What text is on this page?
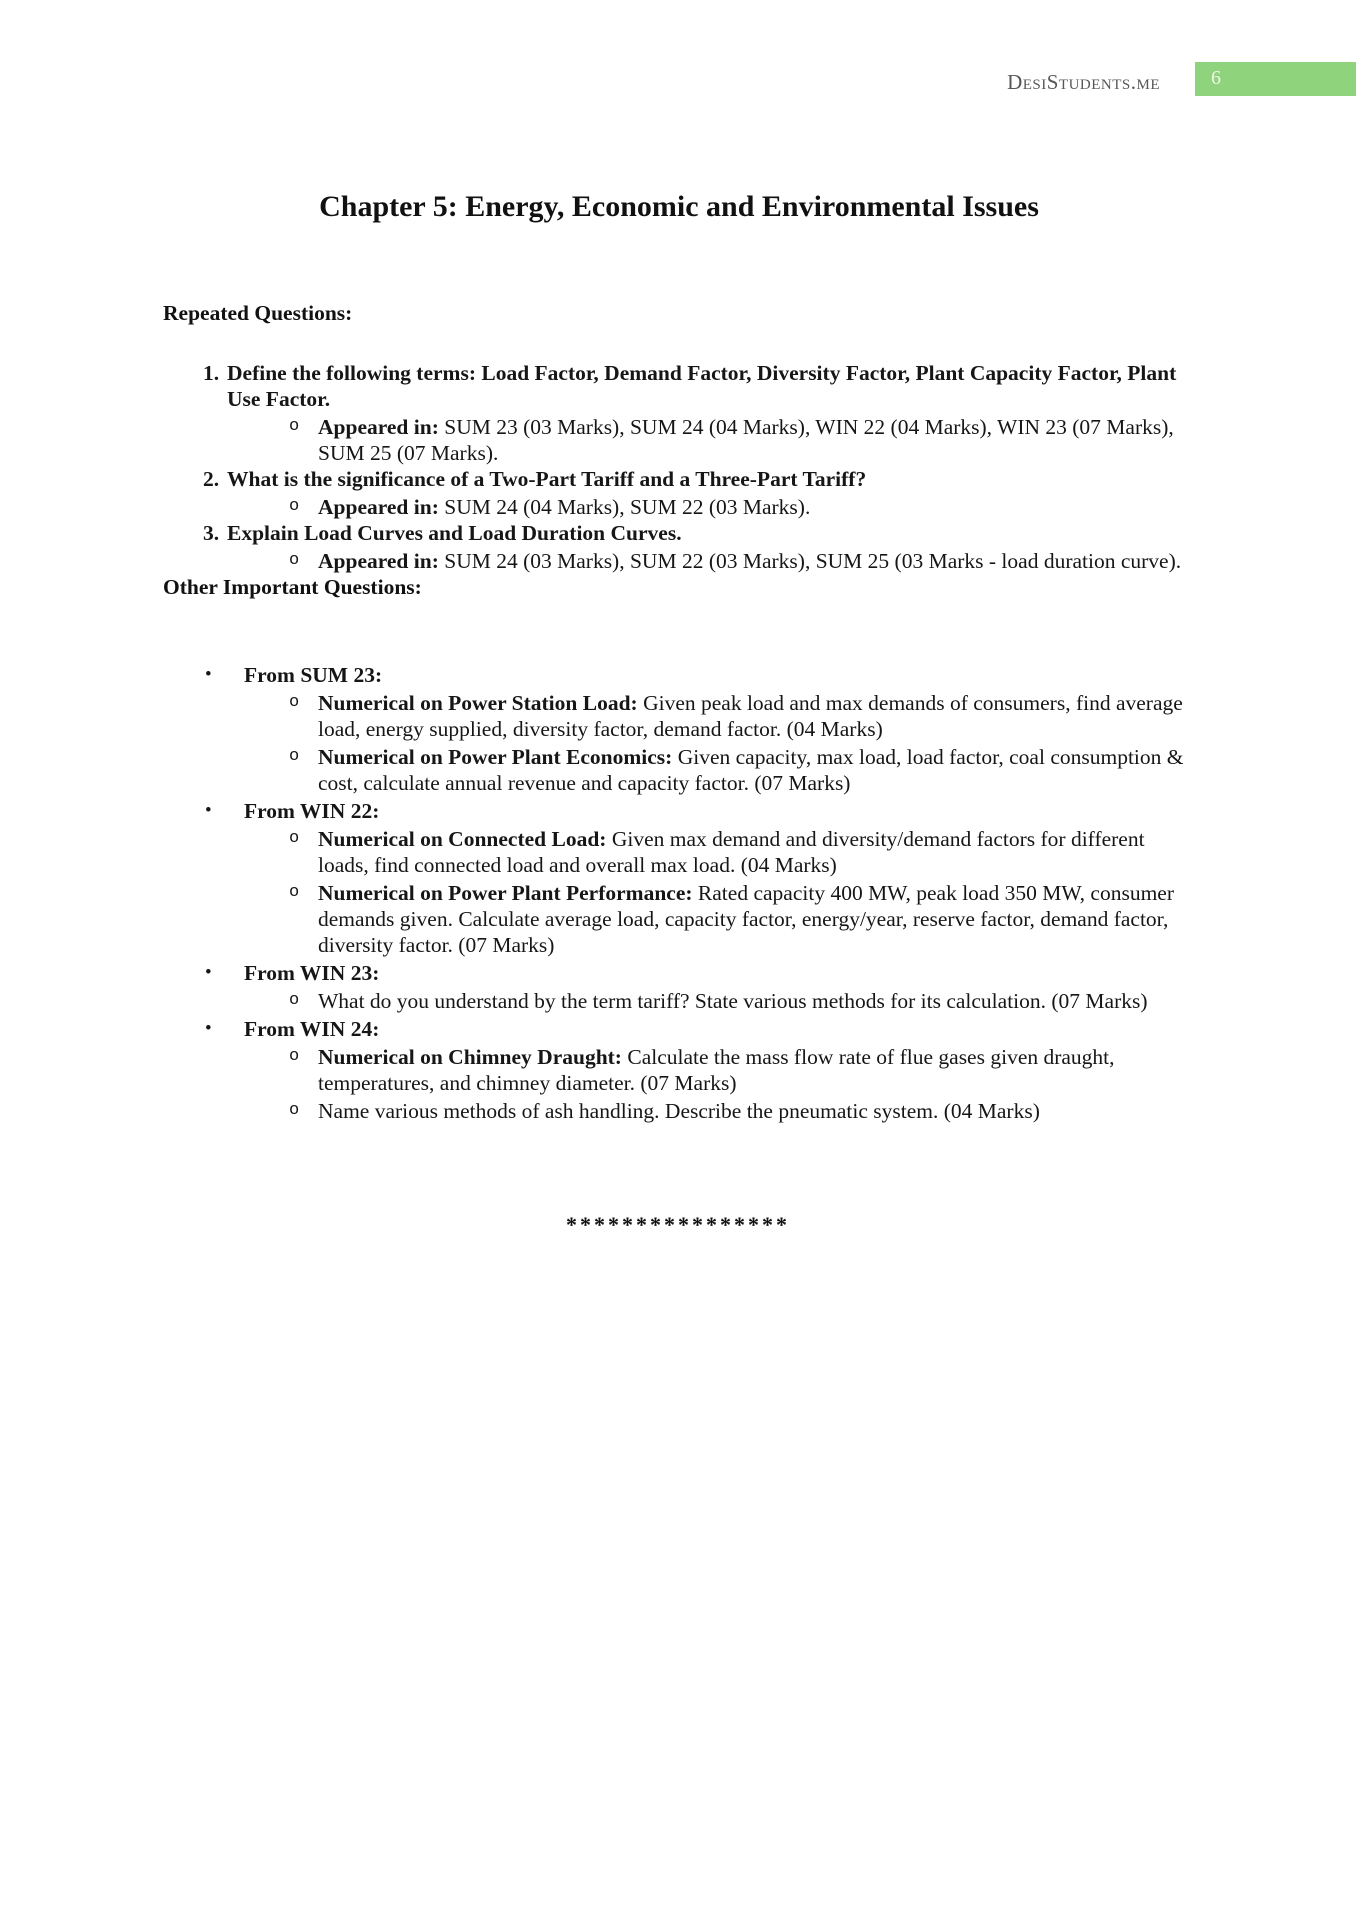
DesiStudents.me	6
Chapter 5: Energy, Economic and Environmental Issues
Repeated Questions:
1. Define the following terms: Load Factor, Demand Factor, Diversity Factor, Plant Capacity Factor, Plant Use Factor.
o Appeared in: SUM 23 (03 Marks), SUM 24 (04 Marks), WIN 22 (04 Marks), WIN 23 (07 Marks), SUM 25 (07 Marks).
2. What is the significance of a Two-Part Tariff and a Three-Part Tariff?
o Appeared in: SUM 24 (04 Marks), SUM 22 (03 Marks).
3. Explain Load Curves and Load Duration Curves.
o Appeared in: SUM 24 (03 Marks), SUM 22 (03 Marks), SUM 25 (03 Marks - load duration curve).
Other Important Questions:
•	From SUM 23:
o Numerical on Power Station Load: Given peak load and max demands of consumers, find average load, energy supplied, diversity factor, demand factor. (04 Marks)
o Numerical on Power Plant Economics: Given capacity, max load, load factor, coal consumption & cost, calculate annual revenue and capacity factor. (07 Marks)
•	From WIN 22:
o Numerical on Connected Load: Given max demand and diversity/demand factors for different loads, find connected load and overall max load. (04 Marks)
o Numerical on Power Plant Performance: Rated capacity 400 MW, peak load 350 MW, consumer demands given. Calculate average load, capacity factor, energy/year, reserve factor, demand factor, diversity factor. (07 Marks)
•	From WIN 23:
o What do you understand by the term tariff? State various methods for its calculation. (07 Marks)
•	From WIN 24:
o Numerical on Chimney Draught: Calculate the mass flow rate of flue gases given draught, temperatures, and chimney diameter. (07 Marks)
o Name various methods of ash handling. Describe the pneumatic system. (04 Marks)
****************
